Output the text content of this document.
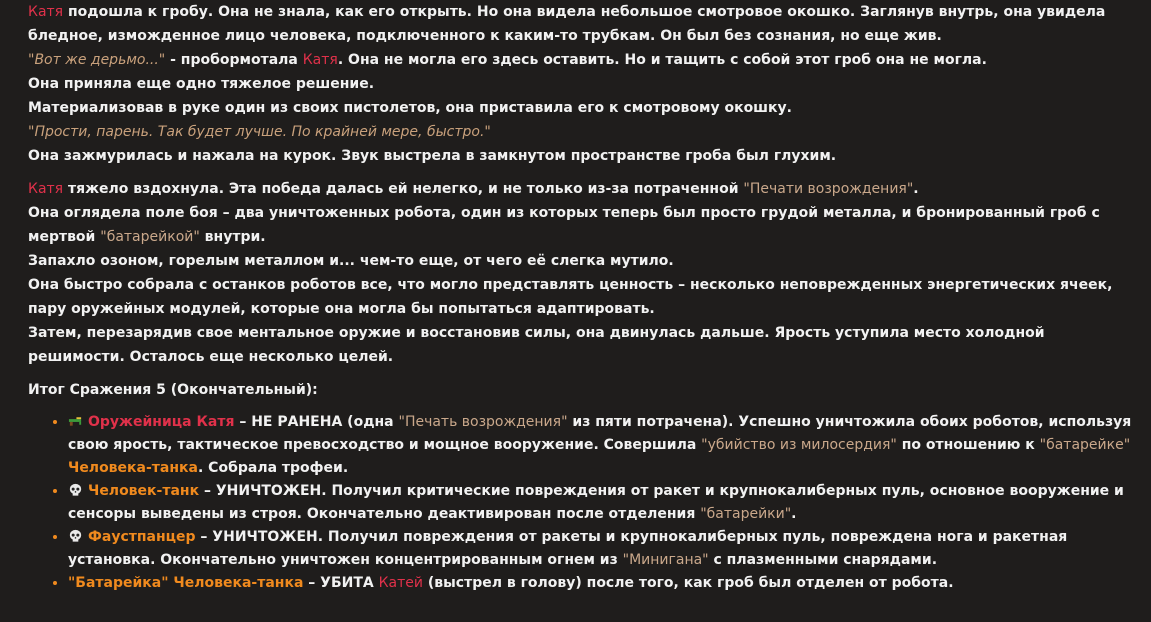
Катя подошла к гробу. Она не знала, как его открыть. Но она видела небольшое смотровое окошко. Заглянув внутрь, она увидела бледное, изможденное лицо человека, подключенного к каким-то трубкам. Он был без сознания, но еще жив.

"Вот же дерьмо..." - пробормотала Катя. Она не могла его здесь оставить. Но и тащить с собой этот гроб она не могла.

Она приняла еще одно тяжелое решение.

Материализовав в руке один из своих пистолетов, она приставила его к смотровому окошку.

"Прости, парень. Так будет лучше. По крайней мере, быстро."

Она зажмурилась и нажала на курок. Звук выстрела в замкнутом пространстве гроба был глухим.

Катя тяжело вздохнула. Эта победа далась ей нелегко, и не только из-за потраченной "Печати возрождения".

Она оглядела поле боя – два уничтоженных робота, один из которых теперь был просто грудой металла, и бронированный гроб с мертвой "батарейкой" внутри.

Запахло озоном, горелым металлом и... чем-то еще, от чего её слегка мутило.

Она быстро собрала с останков роботов все, что могло представлять ценность – несколько неповрежденных энергетических ячеек, пару оружейных модулей, которые она могла бы попытаться адаптировать.

Затем, перезарядив свое ментальное оружие и восстановив силы, она двинулась дальше. Ярость уступила место холодной решимости. Осталось еще несколько целей.

Итог Сражения 5 (Окончательный):

• Оружейница Катя – НЕ РАНЕНА (одна "Печать возрождения" из пяти потрачена). Успешно уничтожила обоих роботов, используя свою ярость, тактическое превосходство и мощное вооружение. Совершила "убийство из милосердия" по отношению к "батарейке" Человека-танка. Собрала трофеи.
• Человек-танк – УНИЧТОЖЕН. Получил критические повреждения от ракет и крупнокалиберных пуль, основное вооружение и сенсоры выведены из строя. Окончательно деактивирован после отделения "батарейки".
• Фаустпанцер – УНИЧТОЖЕН. Получил повреждения от ракеты и крупнокалиберных пуль, повреждена нога и ракетная установка. Окончательно уничтожен концентрированным огнем из "Минигана" с плазменными снарядами.
• "Батарейка" Человека-танка – УБИТА Катей (выстрел в голову) после того, как гроб был отделен от робота.
